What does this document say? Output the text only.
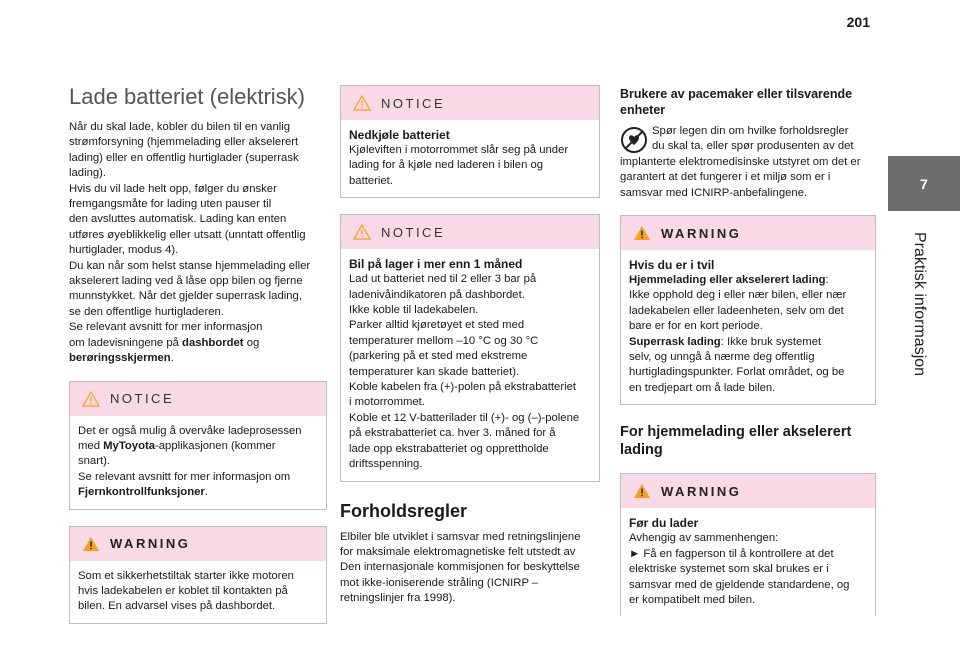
201
7
Praktisk informasjon
Lade batteriet (elektrisk)
Når du skal lade, kobler du bilen til en vanlig
strømforsyning (hjemmelading eller akselerert
lading) eller en offentlig hurtiglader (superrask
lading).
Hvis du vil lade helt opp, følger du ønsker
fremgangsmåte for lading uten pauser til
den avsluttes automatisk. Lading kan enten
utføres øyeblikkelig eller utsatt (unntatt offentlig
hurtiglader, modus 4).
Du kan når som helst stanse hjemmelading eller
akselerert lading ved å låse opp bilen og fjerne
munnstykket. Når det gjelder superrask lading,
se den offentlige hurtigladeren.
Se relevant avsnitt for mer informasjon
om ladevisningene på dashbordet og
berøringsskjermen.
NOTICE
Det er også mulig å overvåke ladeprosessen
med MyToyota-applikasjonen (kommer
snart).
Se relevant avsnitt for mer informasjon om
Fjernkontrollfunksjoner.
WARNING
Som et sikkerhetstiltak starter ikke motoren
hvis ladekabelen er koblet til kontakten på
bilen. En advarsel vises på dashbordet.
NOTICE
Nedkjøle batteriet
Kjøleviften i motorrommet slår seg på under
lading for å kjøle ned laderen i bilen og
batteriet.
NOTICE
Bil på lager i mer enn 1 måned
Lad ut batteriet ned til 2 eller 3 bar på
ladenivåindikatoren på dashbordet.
Ikke koble til ladekabelen.
Parker alltid kjøretøyet et sted med
temperaturer mellom –10 °C og 30 °C
(parkering på et sted med ekstreme
temperaturer kan skade batteriet).
Koble kabelen fra (+)-polen på ekstrabatteriet
i motorrommet.
Koble et 12 V-batterilader til (+)- og (–)-polene
på ekstrabatteriet ca. hver 3. måned for å
lade opp ekstrabatteriet og opprettholde
driftsspenning.
Forholdsregler
Elbiler ble utviklet i samsvar med retningslinjene
for maksimale elektromagnetiske felt utstedt av
Den internasjonale kommisjonen for beskyttelse
mot ikke-ioniserende stråling (ICNIRP –
retningslinjer fra 1998).
Brukere av pacemaker eller tilsvarende
enheter
Spør legen din om hvilke forholdsregler
du skal ta, eller spør produsenten av det
implanterte elektromedisinske utstyret om det er
garantert at det fungerer i et miljø som er i
samsvar med ICNIRP-anbefalingene.
WARNING
Hvis du er i tvil
Hjemmelading eller akselerert lading:
Ikke opphold deg i eller nær bilen, eller nær
ladekabelen eller ladeenheten, selv om det
bare er for en kort periode.
Superrask lading: Ikke bruk systemet
selv, og unngå å nærme deg offentlig
hurtigladingspunkter. Forlat området, og be
en tredjepart om å lade bilen.
For hjemmelading eller akselerert
lading
WARNING
Før du lader
Avhengig av sammenhengen:
► Få en fagperson til å kontrollere at det
elektriske systemet som skal brukes er i
samsvar med de gjeldende standardene, og
er kompatibelt med bilen.
